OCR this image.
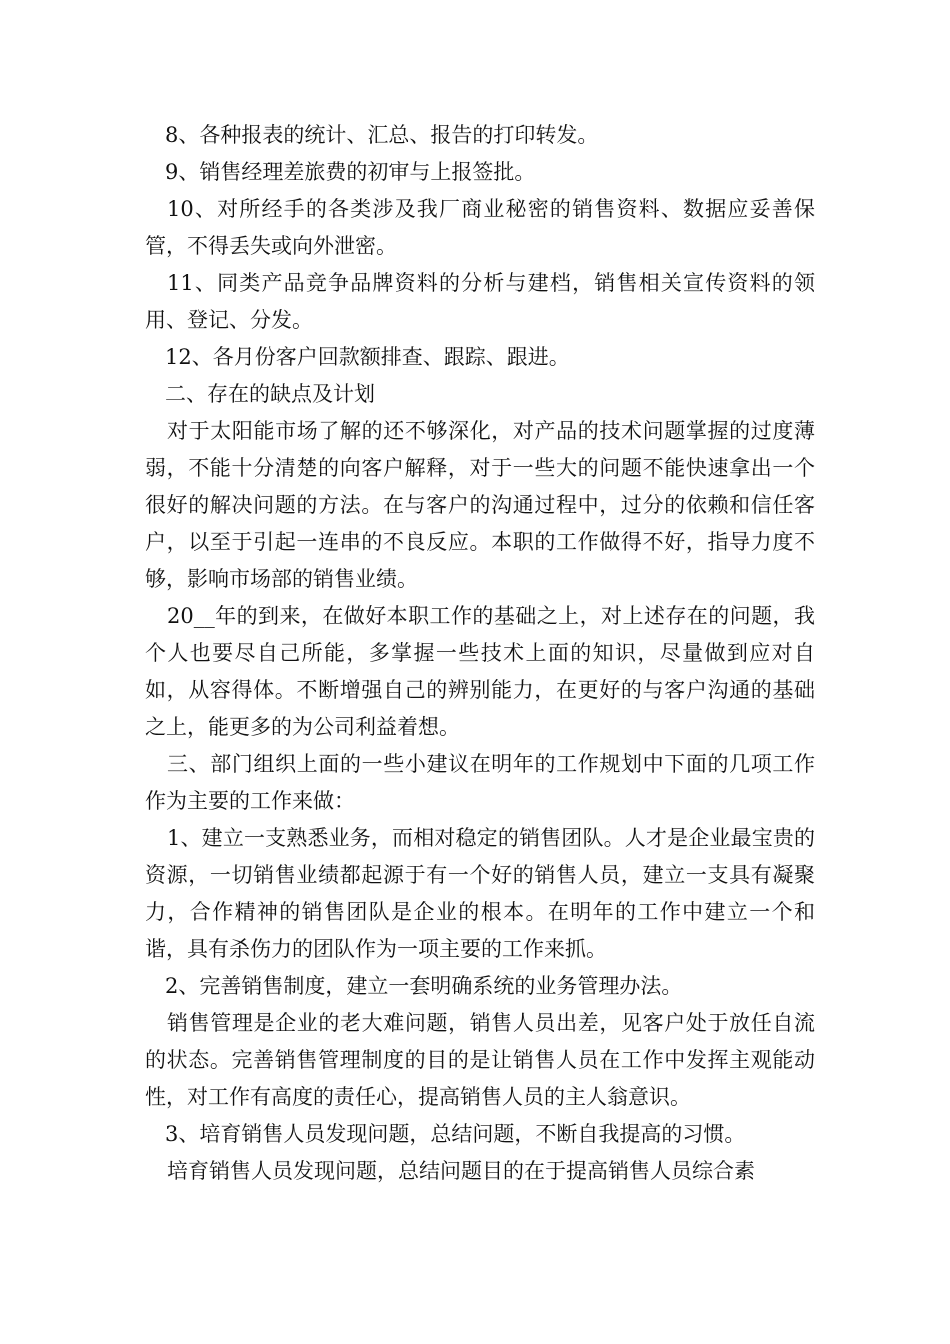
8、各种报表的统计、汇总、报告的打印转发。

9、销售经理差旅费的初审与上报签批。

10、对所经手的各类涉及我厂商业秘密的销售资料、数据应妥善保管，不得丢失或向外泄密。

11、同类产品竞争品牌资料的分析与建档，销售相关宣传资料的领用、登记、分发。

12、各月份客户回款额排查、跟踪、跟进。

二、存在的缺点及计划

对于太阳能市场了解的还不够深化，对产品的技术问题掌握的过度薄弱，不能十分清楚的向客户解释，对于一些大的问题不能快速拿出一个很好的解决问题的方法。在与客户的沟通过程中，过分的依赖和信任客户，以至于引起一连串的不良反应。本职的工作做得不好，指导力度不够，影响市场部的销售业绩。

20__年的到来，在做好本职工作的基础之上，对上述存在的问题，我个人也要尽自己所能，多掌握一些技术上面的知识，尽量做到应对自如，从容得体。不断增强自己的辨别能力，在更好的与客户沟通的基础之上，能更多的为公司利益着想。

三、部门组织上面的一些小建议在明年的工作规划中下面的几项工作作为主要的工作来做：

1、建立一支熟悉业务，而相对稳定的销售团队。人才是企业最宝贵的资源，一切销售业绩都起源于有一个好的销售人员，建立一支具有凝聚力，合作精神的销售团队是企业的根本。在明年的工作中建立一个和谐，具有杀伤力的团队作为一项主要的工作来抓。

2、完善销售制度，建立一套明确系统的业务管理办法。

销售管理是企业的老大难问题，销售人员出差，见客户处于放任自流的状态。完善销售管理制度的目的是让销售人员在工作中发挥主观能动性，对工作有高度的责任心，提高销售人员的主人翁意识。

3、培育销售人员发现问题，总结问题，不断自我提高的习惯。

培育销售人员发现问题，总结问题目的在于提高销售人员综合素
